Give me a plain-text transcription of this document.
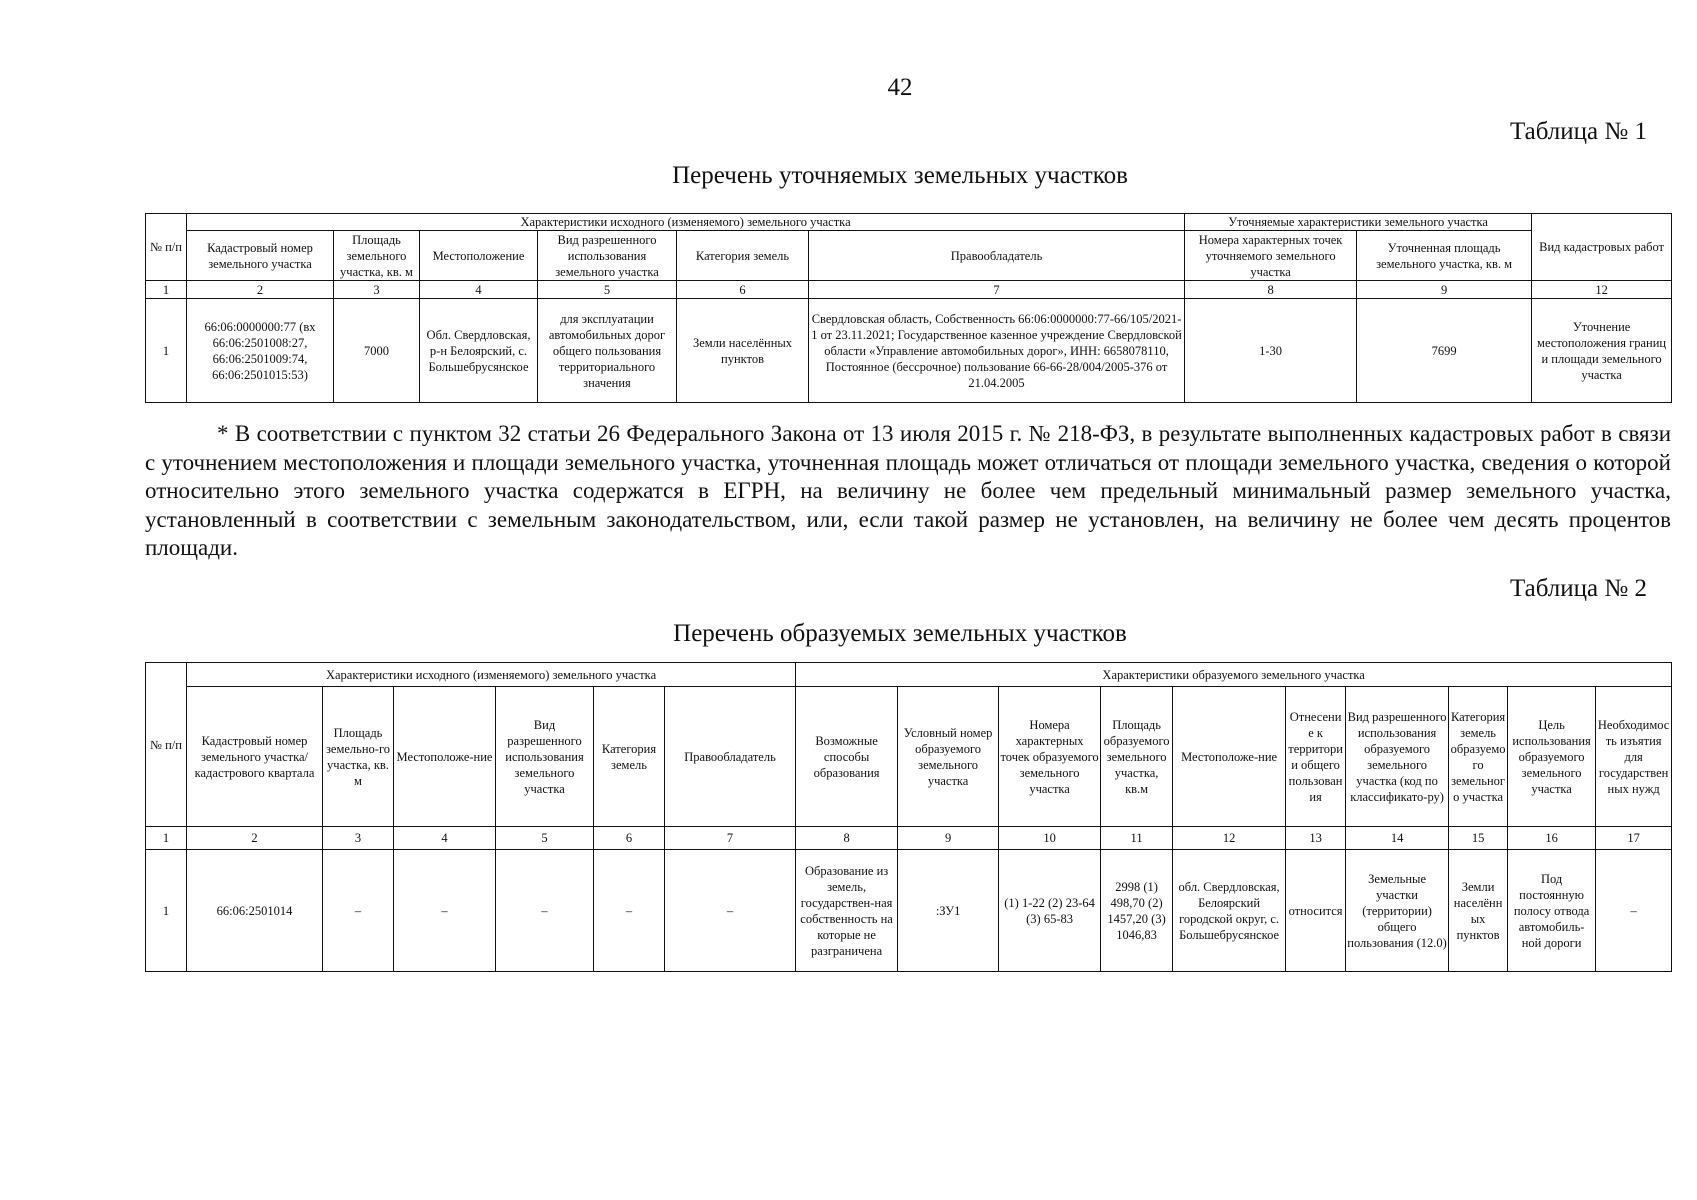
42
Таблица № 1
Перечень уточняемых земельных участков
№ п/п	Характеристики исходного (изменяемого) земельного участка						Уточняемые характеристики земельного участка		Вид кадастровых работ
	Кадастровый номер земельного участка	Площадь земельного участка, кв. м	Местоположение	Вид разрешенного использования земельного участка	Категория земель	Правообладатель	Номера характерных точек уточняемого земельного участка	Уточненная площадь земельного участка, кв. м	
1	2	3	4	5	6	7	8	9	12
1	66:06:0000000:77 (вх 66:06:2501008:27, 66:06:2501009:74, 66:06:2501015:53)	7000	Обл. Свердловская, р-н Белоярский, с. Большебрусянское	для эксплуатации автомобильных дорог общего пользования территориального значения	Земли населённых пунктов	Свердловская область, Собственность 66:06:0000000:77-66/105/2021-1 от 23.11.2021; Государственное казенное учреждение Свердловской области «Управление автомобильных дорог», ИНН: 6658078110, Постоянное (бессрочное) пользование 66-66-28/004/2005-376 от 21.04.2005	1-30	7699	Уточнение местоположения границ и площади земельного участка

* В соответствии с пунктом 32 статьи 26 Федерального Закона от 13 июля 2015 г. № 218-ФЗ, в результате выполненных кадастровых работ в связи с уточнением местоположения и площади земельного участка, уточненная площадь может отличаться от площади земельного участка, сведения о которой относительно этого земельного участка содержатся в ЕГРН, на величину не более чем предельный минимальный размер земельного участка, установленный в соответствии с земельным законодательством, или, если такой размер не установлен, на величину не более чем десять процентов площади.

Таблица № 2
Перечень образуемых земельных участков
№ п/п	Характеристики исходного (изменяемого) земельного участка						Характеристики образуемого земельного участка									
	Кадастровый номер земельного участка/ кадастрового квартала	Площадь земельно-го участка, кв. м	Местоположе-ние	Вид разрешенного использования земельного участка	Категория земель	Правообладатель	Возможные способы образования	Условный номер образуемого земельного участка	Номера характерных точек образуемого земельного участка	Площадь образуемого земельного участка, кв.м	Местоположе-ние	Отнесение к территории общего пользования	Вид разрешенного использования образуемого земельного участка (код по классификато-ру)	Категория земель образуемого земельного участка	Цель использования образуемого земельного участка	Необходимость изъятия для государственных нужд
1	2	3	4	5	6	7	8	9	10	11	12	13	14	15	16	17
1	66:06:2501014	–	–	–	–	–	Образование из земель, государствен-ная собственность на которые не разграничена	:ЗУ1	(1) 1-22 (2) 23-64 (3) 65-83	2998 (1) 498,70 (2) 1457,20 (3) 1046,83	обл. Свердловская, Белоярский городской округ, с. Большебрусянское	относится	Земельные участки (территории) общего пользования (12.0)	Земли населённых пунктов	Под постоянную полосу отвода автомобиль-ной дороги	–
